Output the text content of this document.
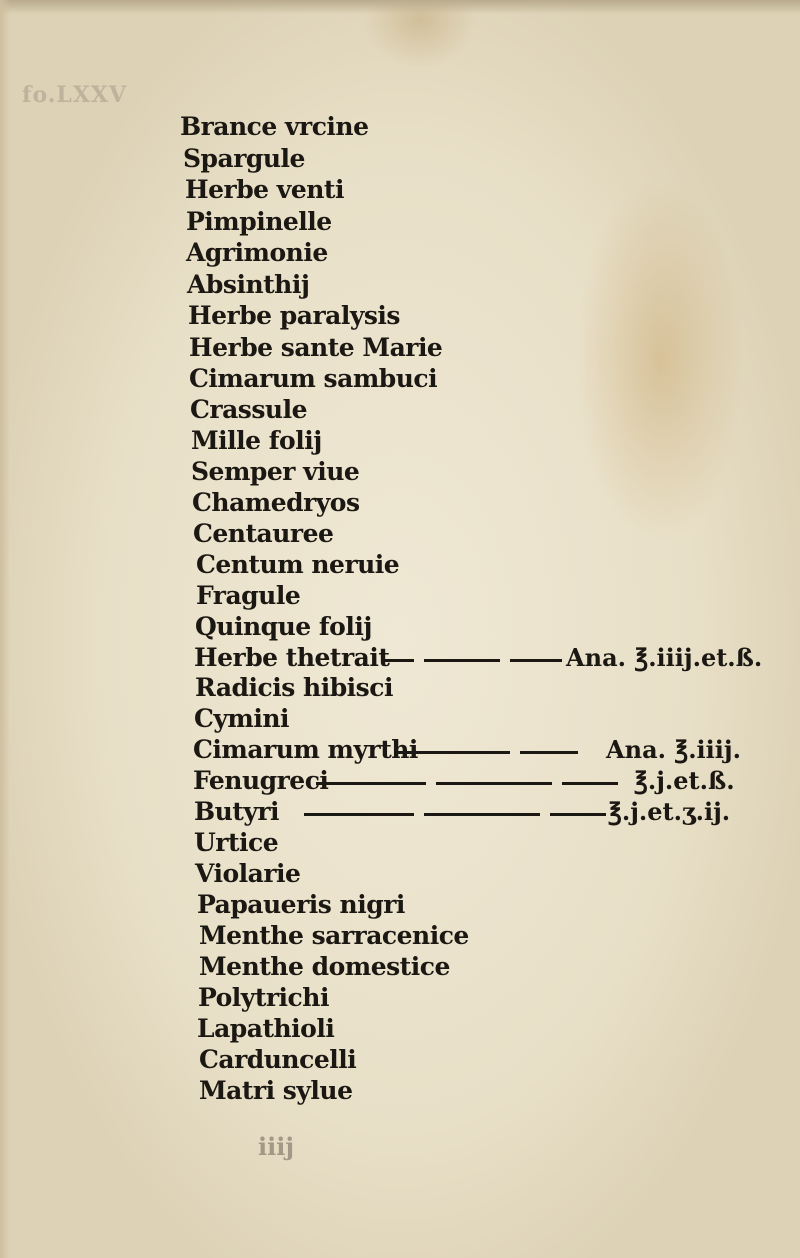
fo.LXXV

Brance vrcine
Spargule
Herbe venti
Pimpinelle
Agrimonie
Absinthij
Herbe paralysis
Herbe sante Marie
Cimarum sambuci
Crassule
Mille folij
Semper viue
Chamedryos
Centauree
Centum neruie
Fragule
Quinque folij
Herbe thetrait
Radicis hibisci
Cymini
Cimarum myrthi
Fenugreci
Butyri
Urtice
Violarie
Papaueris nigri
Menthe sarracenice
Menthe domestice
Polytrichi
Lapathioli
Carduncelli
Matri sylue
Ana. ℥.iiij.et.ß.
Ana. ℥.iiij.
℥.j.et.ß.
℥.j.et.ʒ.ij.
iiij
